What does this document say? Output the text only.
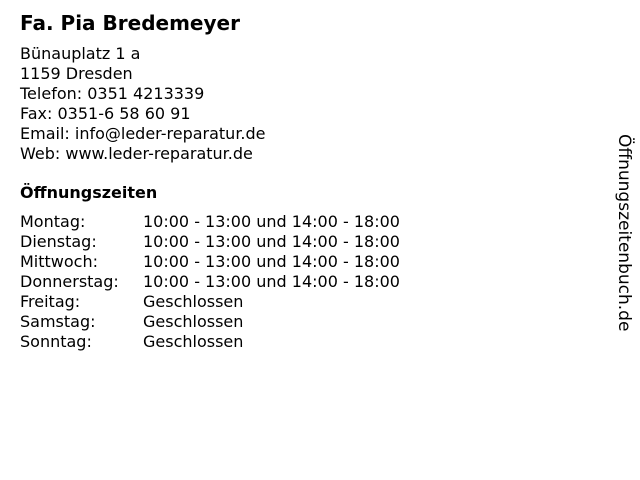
Fa. Pia Bredemeyer
Bünauplatz 1 a
1159 Dresden
Telefon: 0351 4213339
Fax: 0351-6 58 60 91
Email: info@leder-reparatur.de
Web: www.leder-reparatur.de
Öffnungszeiten
Montag:	10:00 - 13:00 und 14:00 - 18:00
Dienstag:	10:00 - 13:00 und 14:00 - 18:00
Mittwoch:	10:00 - 13:00 und 14:00 - 18:00
Donnerstag:	10:00 - 13:00 und 14:00 - 18:00
Freitag:	Geschlossen
Samstag:	Geschlossen
Sonntag:	Geschlossen
Öffnungszeitenbuch.de
